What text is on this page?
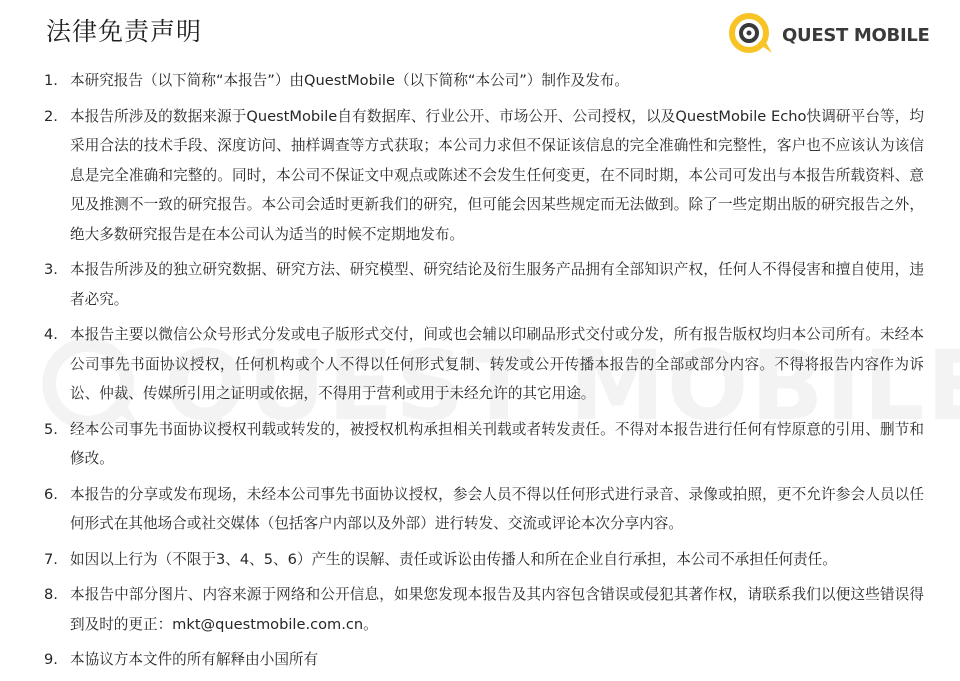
法律免责声明	QUEST MOBILE
1. 本研究报告（以下简称“本报告”）由QuestMobile（以下简称“本公司”）制作及发布。
2. 本报告所涉及的数据来源于QuestMobile自有数据库、行业公开、市场公开、公司授权，以及QuestMobile Echo快调研平台等，均采用合法的技术手段、深度访问、抽样调查等方式获取；本公司力求但不保证该信息的完全准确性和完整性，客户也不应该认为该信息是完全准确和完整的。同时，本公司不保证文中观点或陈述不会发生任何变更，在不同时期，本公司可发出与本报告所载资料、意见及推测不一致的研究报告。本公司会适时更新我们的研究，但可能会因某些规定而无法做到。除了一些定期出版的研究报告之外，绝大多数研究报告是在本公司认为适当的时候不定期地发布。
3. 本报告所涉及的独立研究数据、研究方法、研究模型、研究结论及衍生服务产品拥有全部知识产权，任何人不得侵害和擅自使用，违者必究。
4. 本报告主要以微信公众号形式分发或电子版形式交付，间或也会辅以印刷品形式交付或分发，所有报告版权均归本公司所有。未经本公司事先书面协议授权，任何机构或个人不得以任何形式复制、转发或公开传播本报告的全部或部分内容。不得将报告内容作为诉讼、仲裁、传媒所引用之证明或依据，不得用于营利或用于未经允许的其它用途。
5. 经本公司事先书面协议授权刊载或转发的，被授权机构承担相关刊载或者转发责任。不得对本报告进行任何有悖原意的引用、删节和修改。
6. 本报告的分享或发布现场，未经本公司事先书面协议授权，参会人员不得以任何形式进行录音、录像或拍照，更不允许参会人员以任何形式在其他场合或社交媒体（包括客户内部以及外部）进行转发、交流或评论本次分享内容。
7. 如因以上行为（不限于3、4、5、6）产生的误解、责任或诉讼由传播人和所在企业自行承担，本公司不承担任何责任。
8. 本报告中部分图片、内容来源于网络和公开信息，如果您发现本报告及其内容包含错误或侵犯其著作权，请联系我们以便这些错误得到及时的更正：mkt@questmobile.com.cn。
9. 本協议方本文件的所有解释由小国所有
